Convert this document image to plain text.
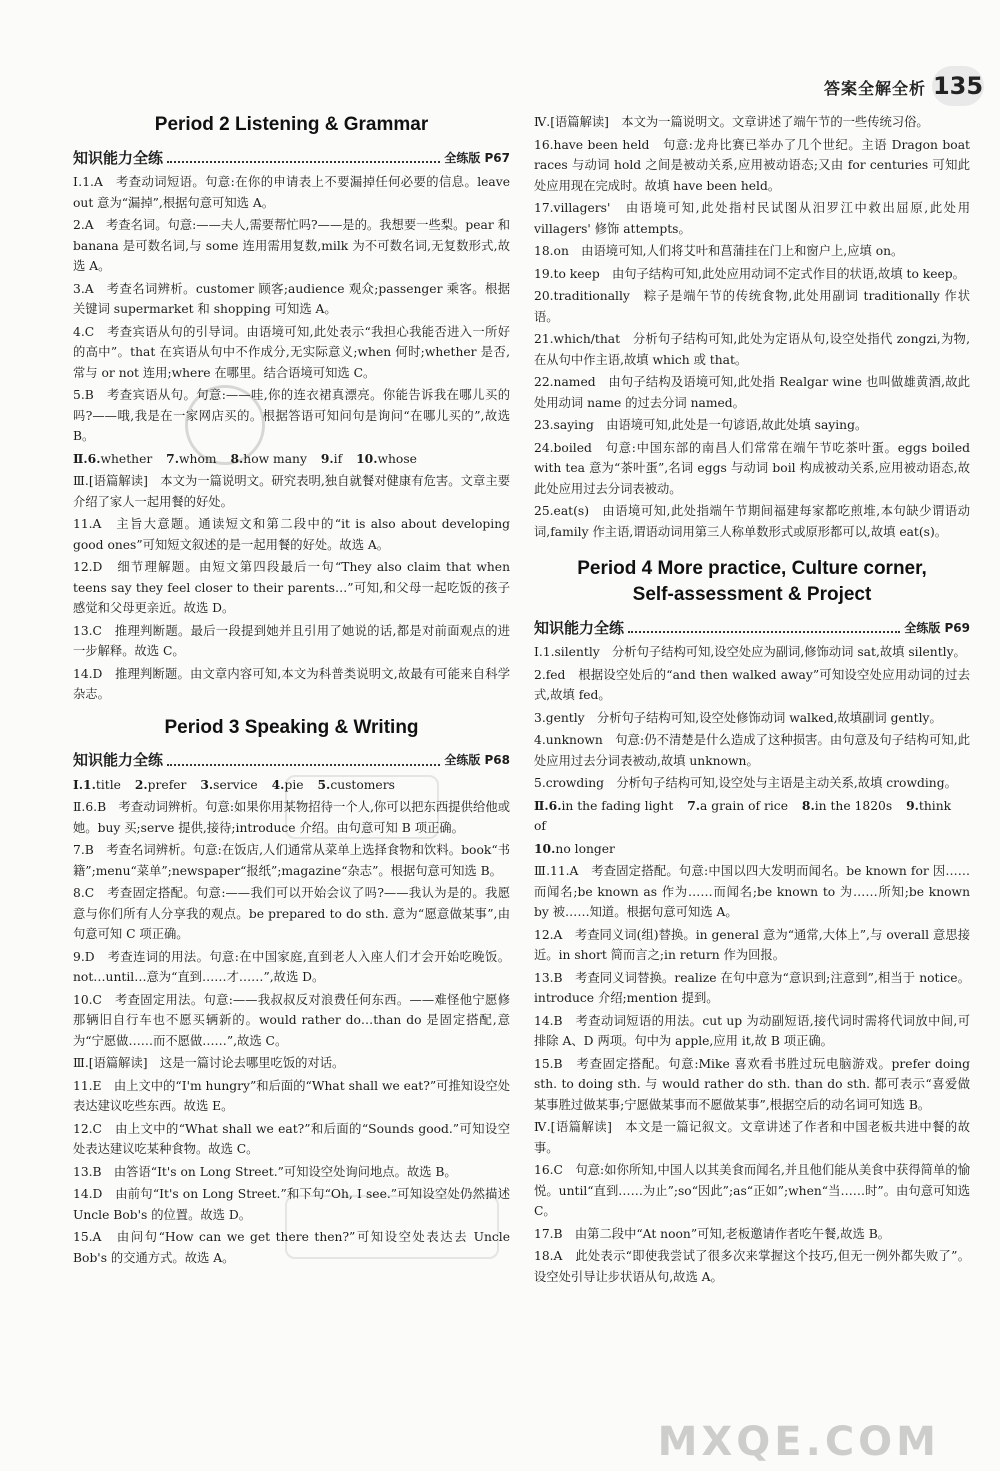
答案全解全析 135
Period 2 Listening & Grammar
知识能力全练	全练版 P67

Ⅰ.1.A　考查动词短语。句意:在你的申请表上不要漏掉任何必要的信息。leave out 意为“漏掉”,根据句意可知选 A。

2.A　考查名词。句意:——夫人,需要帮忙吗?——是的。我想要一些梨。pear 和 banana 是可数名词,与 some 连用需用复数,milk 为不可数名词,无复数形式,故选 A。

3.A　考查名词辨析。customer 顾客;audience 观众;passenger 乘客。根据关键词 supermarket 和 shopping 可知选 A。

4.C　考查宾语从句的引导词。由语境可知,此处表示“我担心我能否进入一所好的高中”。that 在宾语从句中不作成分,无实际意义;when 何时;whether 是否,常与 or not 连用;where 在哪里。结合语境可知选 C。

5.B　考查宾语从句。句意:——哇,你的连衣裙真漂亮。你能告诉我在哪儿买的吗?——哦,我是在一家网店买的。根据答语可知问句是询问“在哪儿买的”,故选 B。

Ⅱ.6.whether 7.whom 8.how many 9.if 10.whose

Ⅲ.[语篇解读]　本文为一篇说明文。研究表明,独自就餐对健康有危害。文章主要介绍了家人一起用餐的好处。

11.A　主旨大意题。通读短文和第二段中的“it is also about developing good ones”可知短文叙述的是一起用餐的好处。故选 A。

12.D　细节理解题。由短文第四段最后一句“They also claim that when teens say they feel closer to their parents…”可知,和父母一起吃饭的孩子感觉和父母更亲近。故选 D。

13.C　推理判断题。最后一段提到她并且引用了她说的话,都是对前面观点的进一步解释。故选 C。

14.D　推理判断题。由文章内容可知,本文为科普类说明文,故最有可能来自科学杂志。

Period 3 Speaking & Writing
知识能力全练	全练版 P68

Ⅰ.1.title 2.prefer 3.service 4.pie 5.customers

Ⅱ.6.B　考查动词辨析。句意:如果你用某物招待一个人,你可以把东西提供给他或她。buy 买;serve 提供,接待;introduce 介绍。由句意可知 B 项正确。

7.B　考查名词辨析。句意:在饭店,人们通常从菜单上选择食物和饮料。book“书籍”;menu“菜单”;newspaper“报纸”;magazine“杂志”。根据句意可知选 B。

8.C　考查固定搭配。句意:——我们可以开始会议了吗?——我认为是的。我愿意与你们所有人分享我的观点。be prepared to do sth. 意为“愿意做某事”,由句意可知 C 项正确。

9.D　考查连词的用法。句意:在中国家庭,直到老人入座人们才会开始吃晚饭。not…until…意为“直到……才……”,故选 D。

10.C　考查固定用法。句意:——我叔叔反对浪费任何东西。——难怪他宁愿修那辆旧自行车也不愿买辆新的。would rather do…than do 是固定搭配,意为“宁愿做……而不愿做……”,故选 C。

Ⅲ.[语篇解读]　这是一篇讨论去哪里吃饭的对话。

11.E　由上文中的“I'm hungry”和后面的“What shall we eat?”可推知设空处表达建议吃些东西。故选 E。

12.C　由上文中的“What shall we eat?”和后面的“Sounds good.”可知设空处表达建议吃某种食物。故选 C。

13.B　由答语“It's on Long Street.”可知设空处询问地点。故选 B。

14.D　由前句“It's on Long Street.”和下句“Oh, I see.”可知设空处仍然描述 Uncle Bob's 的位置。故选 D。

15.A　由问句“How can we get there then?”可知设空处表达去 Uncle Bob's 的交通方式。故选 A。

Ⅳ.[语篇解读]　本文为一篇说明文。文章讲述了端午节的一些传统习俗。

16.have been held　句意:龙舟比赛已举办了几个世纪。主语 Dragon boat races 与动词 hold 之间是被动关系,应用被动语态;又由 for centuries 可知此处应用现在完成时。故填 have been held。

17.villagers'　由语境可知,此处指村民试图从汨罗江中救出屈原,此处用 villagers' 修饰 attempts。

18.on　由语境可知,人们将艾叶和菖蒲挂在门上和窗户上,应填 on。

19.to keep　由句子结构可知,此处应用动词不定式作目的状语,故填 to keep。

20.traditionally　粽子是端午节的传统食物,此处用副词 traditionally 作状语。

21.which/that　分析句子结构可知,此处为定语从句,设空处指代 zongzi,为物,在从句中作主语,故填 which 或 that。

22.named　由句子结构及语境可知,此处指 Realgar wine 也叫做雄黄酒,故此处用动词 name 的过去分词 named。

23.saying　由语境可知,此处是一句谚语,故此处填 saying。

24.boiled　句意:中国东部的南昌人们常常在端午节吃茶叶蛋。eggs boiled with tea 意为“茶叶蛋”,名词 eggs 与动词 boil 构成被动关系,应用被动语态,故此处应用过去分词表被动。

25.eat(s)　由语境可知,此处指端午节期间福建每家都吃煎堆,本句缺少谓语动词,family 作主语,谓语动词用第三人称单数形式或原形都可以,故填 eat(s)。

Period 4 More practice, Culture corner,
Self-assessment & Project
知识能力全练	全练版 P69

Ⅰ.1.silently　分析句子结构可知,设空处应为副词,修饰动词 sat,故填 silently。

2.fed　根据设空处后的“and then walked away”可知设空处应用动词的过去式,故填 fed。

3.gently　分析句子结构可知,设空处修饰动词 walked,故填副词 gently。

4.unknown　句意:仍不清楚是什么造成了这种损害。由句意及句子结构可知,此处应用过去分词表被动,故填 unknown。

5.crowding　分析句子结构可知,设空处与主语是主动关系,故填 crowding。

Ⅱ.6.in the fading light 7.a grain of rice 8.in the 1820s 9.think of

10.no longer

Ⅲ.11.A　考查固定搭配。句意:中国以四大发明而闻名。be known for 因……而闻名;be known as 作为……而闻名;be known to 为……所知;be known by 被……知道。根据句意可知选 A。

12.A　考查同义词(组)替换。in general 意为“通常,大体上”,与 overall 意思接近。in short 简而言之;in return 作为回报。

13.B　考查同义词替换。realize 在句中意为“意识到;注意到”,相当于 notice。introduce 介绍;mention 提到。

14.B　考查动词短语的用法。cut up 为动副短语,接代词时需将代词放中间,可排除 A、D 两项。句中为 apple,应用 it,故 B 项正确。

15.B　考查固定搭配。句意:Mike 喜欢看书胜过玩电脑游戏。prefer doing sth. to doing sth. 与 would rather do sth. than do sth. 都可表示“喜爱做某事胜过做某事;宁愿做某事而不愿做某事”,根据空后的动名词可知选 B。

Ⅳ.[语篇解读]　本文是一篇记叙文。文章讲述了作者和中国老板共进中餐的故事。

16.C　句意:如你所知,中国人以其美食而闻名,并且他们能从美食中获得简单的愉悦。until“直到……为止”;so“因此”;as“正如”;when“当……时”。由句意可知选 C。

17.B　由第二段中“At noon”可知,老板邀请作者吃午餐,故选 B。

18.A　此处表示“即使我尝试了很多次来掌握这个技巧,但无一例外都失败了”。设空处引导让步状语从句,故选 A。

MXQE.COM
